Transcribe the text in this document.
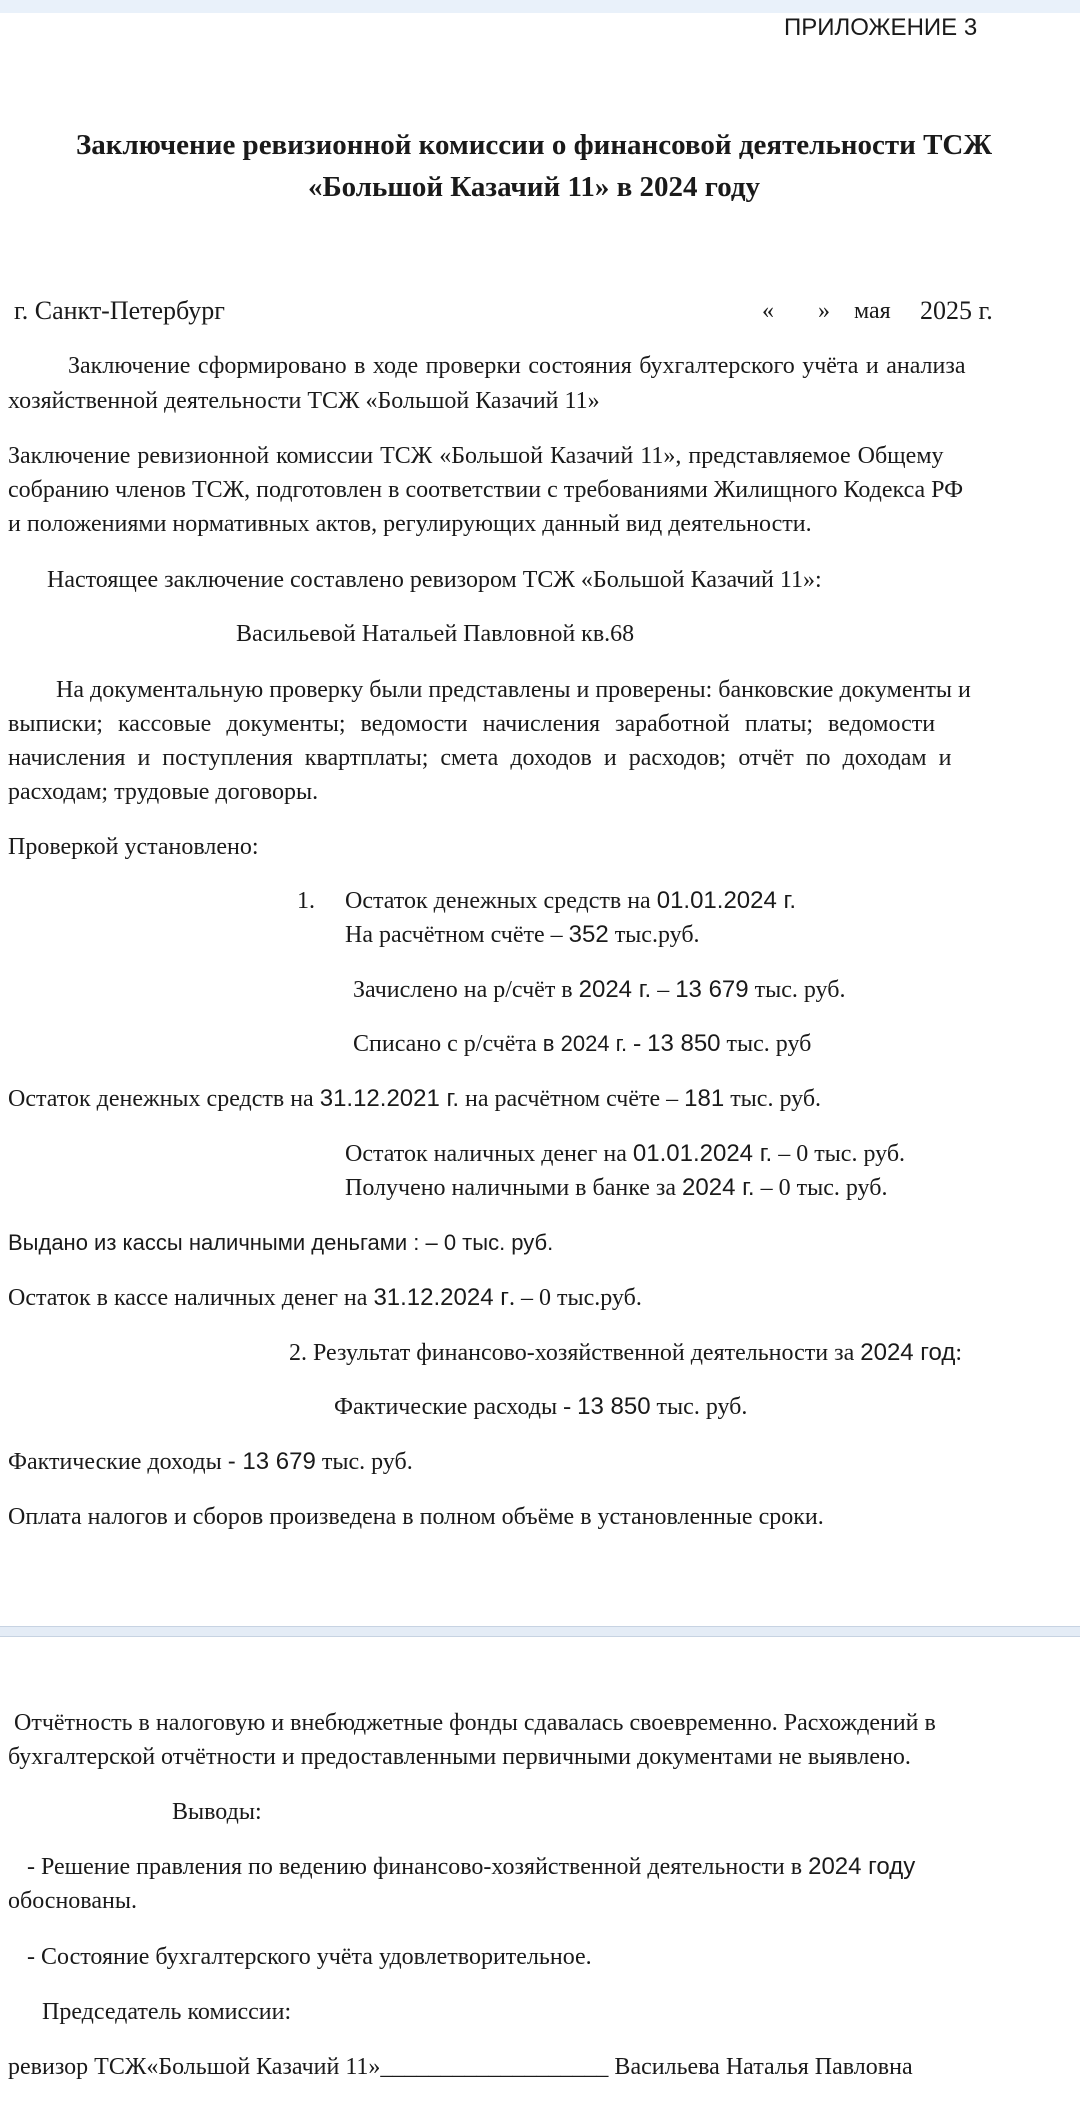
ПРИЛОЖЕНИЕ 3
Заключение ревизионной комиссии о финансовой деятельности ТСЖ
«Большой Казачий 11» в 2024 году
г. Санкт-Петербург	« » мая 2025 г.
Заключение сформировано в ходе проверки состояния бухгалтерского учёта и анализа
хозяйственной деятельности ТСЖ «Большой Казачий 11»
Заключение ревизионной комиссии ТСЖ «Большой Казачий 11», представляемое Общему
собранию членов ТСЖ, подготовлен в соответствии с требованиями Жилищного Кодекса РФ
и положениями нормативных актов, регулирующих данный вид деятельности.
Настоящее заключение составлено ревизором ТСЖ «Большой Казачий 11»:
Васильевой Натальей Павловной кв.68
На документальную проверку были представлены и проверены: банковские документы и
выписки; кассовые документы; ведомости начисления заработной платы; ведомости
начисления и поступления квартплаты; смета доходов и расходов; отчёт по доходам и
расходам; трудовые договоры.
Проверкой установлено:
1. Остаток денежных средств на 01.01.2024 г.
На расчётном счёте – 352 тыс.руб.
Зачислено на р/счёт в 2024 г. – 13 679 тыс. руб.
Списано с р/счёта в 2024 г. - 13 850 тыс. руб
Остаток денежных средств на 31.12.2021 г. на расчётном счёте – 181 тыс. руб.
Остаток наличных денег на 01.01.2024 г. – 0 тыс. руб.
Получено наличными в банке за 2024 г. – 0 тыс. руб.
Выдано из кассы наличными деньгами : – 0 тыс. руб.
Остаток в кассе наличных денег на 31.12.2024 г. – 0 тыс.руб.
2. Результат финансово-хозяйственной деятельности за 2024 год:
Фактические расходы - 13 850 тыс. руб.
Фактические доходы - 13 679 тыс. руб.
Оплата налогов и сборов произведена в полном объёме в установленные сроки.
Отчётность в налоговую и внебюджетные фонды сдавалась своевременно. Расхождений в
бухгалтерской отчётности и предоставленными первичными документами не выявлено.
Выводы:
- Решение правления по ведению финансово-хозяйственной деятельности в 2024 году
обоснованы.
- Состояние бухгалтерского учёта удовлетворительное.
Председатель комиссии:
ревизор ТСЖ«Большой Казачий 11»___________________ Васильева Наталья Павловна
